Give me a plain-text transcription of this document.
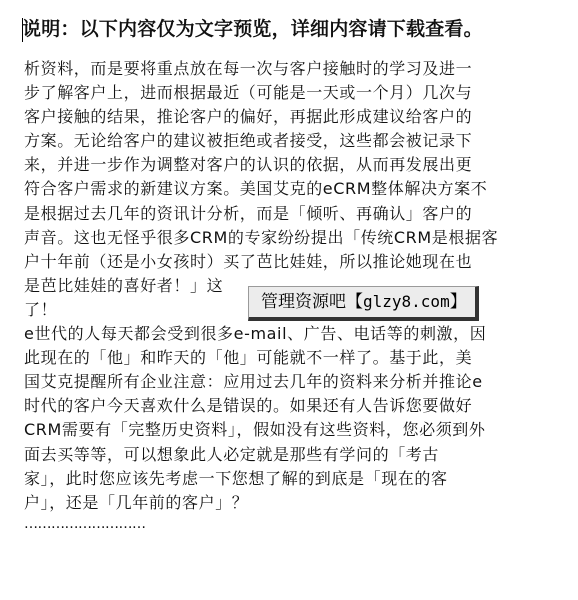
说明：以下内容仅为文字预览，详细内容请下载查看。
析资料，而是要将重点放在每一次与客户接触时的学习及进一
步了解客户上，进而根据最近（可能是一天或一个月）几次与
客户接触的结果，推论客户的偏好，再据此形成建议给客户的
方案。无论给客户的建议被拒绝或者接受，这些都会被记录下
来，并进一步作为调整对客户的认识的依据，从而再发展出更
符合客户需求的新建议方案。美国艾克的eCRM整体解决方案不
是根据过去几年的资讯计分析，而是「倾听、再确认」客户的
声音。这也无怪乎很多CRM的专家纷纷提出「传统CRM是根据客
户十年前（还是小女孩时）买了芭比娃娃，所以推论她现在也
是芭比娃娃的喜好者！」这
了！
e世代的人每天都会受到很多e-mail、广告、电话等的刺激，因
此现在的「他」和昨天的「他」可能就不一样了。基于此，美
国艾克提醒所有企业注意：应用过去几年的资料来分析并推论e
时代的客户今天喜欢什么是错误的。如果还有人告诉您要做好
CRM需要有「完整历史资料」，假如没有这些资料，您必须到外
面去买等等，可以想象此人必定就是那些有学问的「考古
家」，此时您应该先考虑一下您想了解的到底是「现在的客
户」，还是「几年前的客户」？
………………………
管理资源吧【glzy8.com】
